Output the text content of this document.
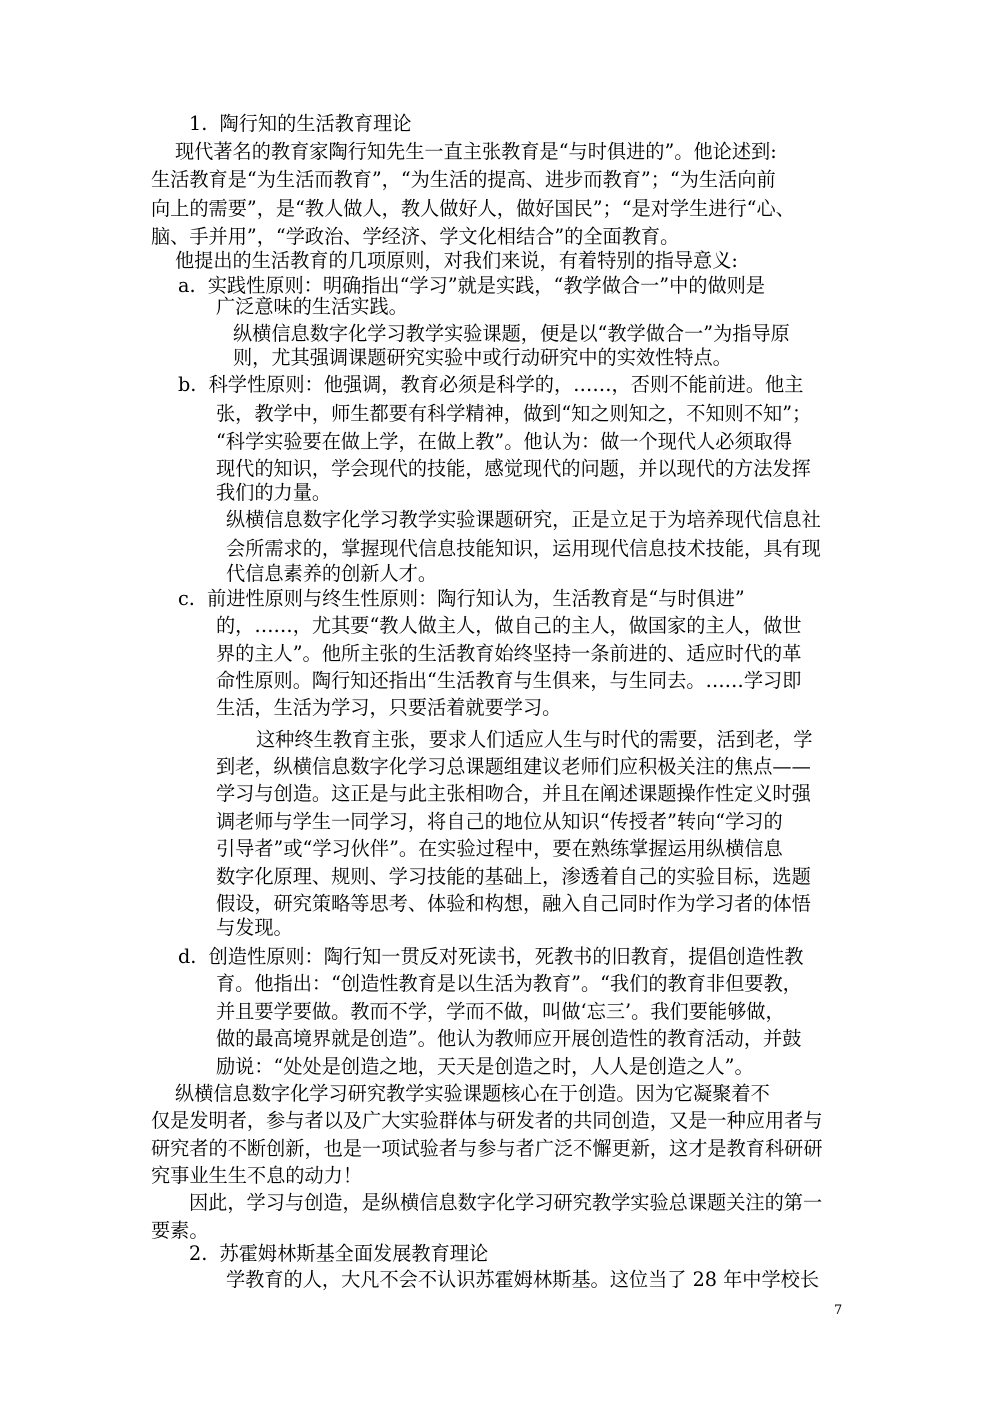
1.  陶行知的生活教育理论
现代著名的教育家陶行知先生一直主张教育是“与时俱进的”。他论述到:
生活教育是“为生活而教育”，“为生活的提高、进步而教育”；“为生活向前
向上的需要”，是“教人做人，教人做好人，做好国民”；“是对学生进行“心、
脑、手并用”，“学政治、学经济、学文化相结合”的全面教育。
他提出的生活教育的几项原则，对我们来说，有着特别的指导意义:
a.  实践性原则：明确指出“学习”就是实践，“教学做合一”中的做则是
广泛意味的生活实践。
纵横信息数字化学习教学实验课题，便是以“教学做合一”为指导原
则，尤其强调课题研究实验中或行动研究中的实效性特点。
b.  科学性原则：他强调，教育必须是科学的，……，否则不能前进。他主
张，教学中，师生都要有科学精神，做到“知之则知之，不知则不知”；
“科学实验要在做上学，在做上教”。他认为：做一个现代人必须取得
现代的知识，学会现代的技能，感觉现代的问题，并以现代的方法发挥
我们的力量。
纵横信息数字化学习教学实验课题研究，正是立足于为培养现代信息社
会所需求的，掌握现代信息技能知识，运用现代信息技术技能，具有现
代信息素养的创新人才。
c.  前进性原则与终生性原则：陶行知认为，生活教育是“与时俱进”
的，……，尤其要“教人做主人，做自己的主人，做国家的主人，做世
界的主人”。他所主张的生活教育始终坚持一条前进的、适应时代的革
命性原则。陶行知还指出“生活教育与生俱来，与生同去。……学习即
生活，生活为学习，只要活着就要学习。
这种终生教育主张，要求人们适应人生与时代的需要，活到老，学
到老，纵横信息数字化学习总课题组建议老师们应积极关注的焦点——
学习与创造。这正是与此主张相吻合，并且在阐述课题操作性定义时强
调老师与学生一同学习，将自己的地位从知识“传授者”转向“学习的
引导者”或“学习伙伴”。在实验过程中，要在熟练掌握运用纵横信息
数字化原理、规则、学习技能的基础上，渗透着自己的实验目标，选题
假设，研究策略等思考、体验和构想，融入自己同时作为学习者的体悟
与发现。
d.  创造性原则：陶行知一贯反对死读书，死教书的旧教育，提倡创造性教
育。他指出：“创造性教育是以生活为教育”。“我们的教育非但要教，
并且要学要做。教而不学，学而不做，叫做‘忘三’。我们要能够做，
做的最高境界就是创造”。他认为教师应开展创造性的教育活动，并鼓
励说：“处处是创造之地，天天是创造之时，人人是创造之人”。
纵横信息数字化学习研究教学实验课题核心在于创造。因为它凝聚着不
仅是发明者，参与者以及广大实验群体与研发者的共同创造，又是一种应用者与
研究者的不断创新，也是一项试验者与参与者广泛不懈更新，这才是教育科研研
究事业生生不息的动力！
因此，学习与创造，是纵横信息数字化学习研究教学实验总课题关注的第一
要素。
2.  苏霍姆林斯基全面发展教育理论
学教育的人，大凡不会不认识苏霍姆林斯基。这位当了 28 年中学校长
7
